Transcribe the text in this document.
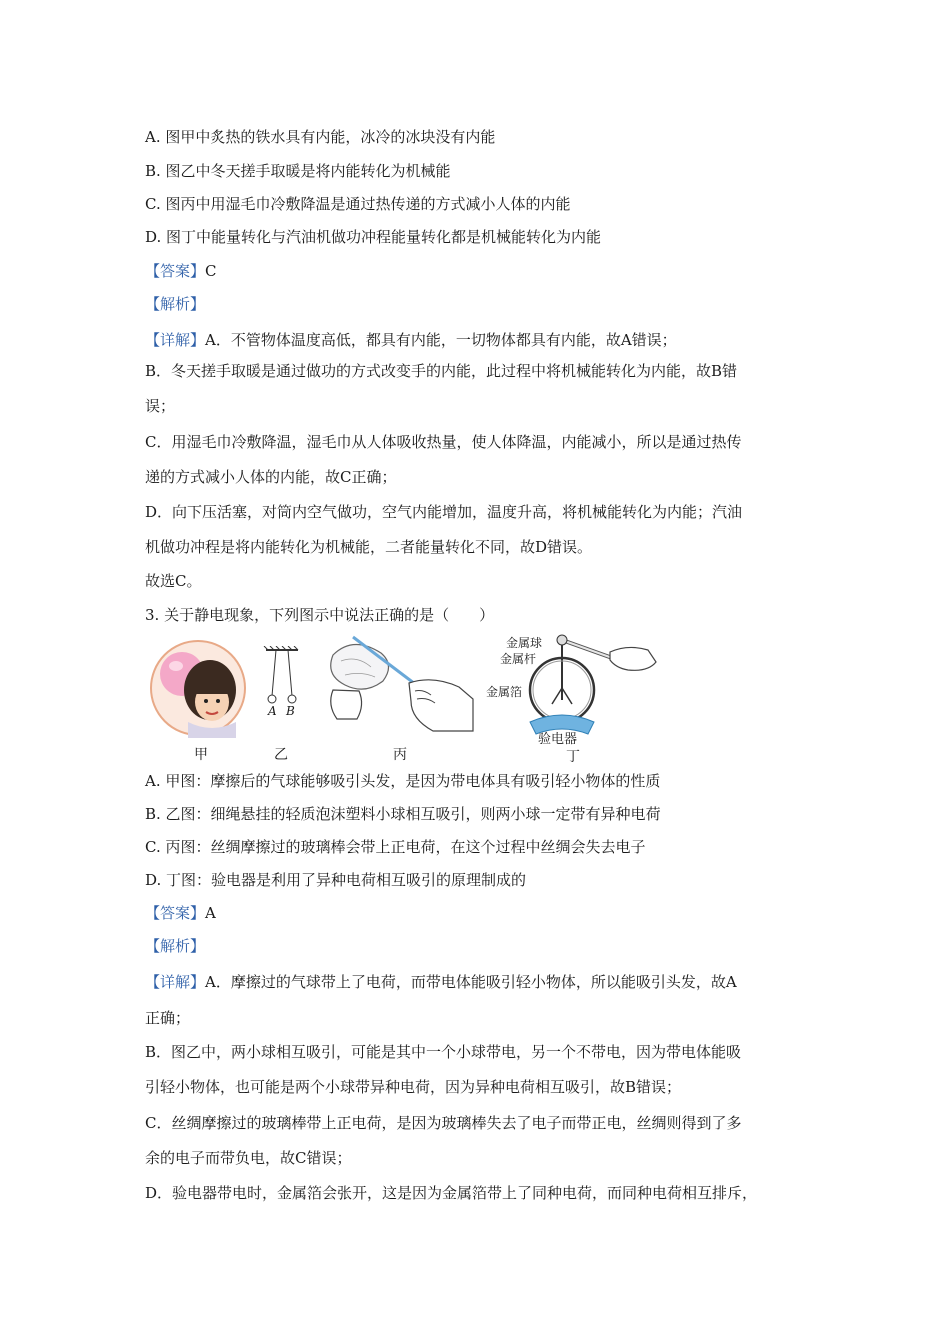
A. 图甲中炙热的铁水具有内能，冰冷的冰块没有内能
B. 图乙中冬天搓手取暖是将内能转化为机械能
C. 图丙中用湿毛巾冷敷降温是通过热传递的方式减小人体的内能
D. 图丁中能量转化与汽油机做功冲程能量转化都是机械能转化为内能
【答案】C
【解析】
【详解】A．不管物体温度高低，都具有内能，一切物体都具有内能，故A错误；
B．冬天搓手取暖是通过做功的方式改变手的内能，此过程中将机械能转化为内能，故B错
误；
C．用湿毛巾冷敷降温，湿毛巾从人体吸收热量，使人体降温，内能减小，所以是通过热传
递的方式减小人体的内能，故C正确；
D．向下压活塞，对筒内空气做功，空气内能增加，温度升高，将机械能转化为内能；汽油
机做功冲程是将内能转化为机械能，二者能量转化不同，故D错误。
故选C。
3. 关于静电现象，下列图示中说法正确的是（　　）
A B
金属球
金属杆
金属箔
验电器
甲	乙	丙	丁
A. 甲图：摩擦后的气球能够吸引头发，是因为带电体具有吸引轻小物体的性质
B. 乙图：细绳悬挂的轻质泡沫塑料小球相互吸引，则两小球一定带有异种电荷
C. 丙图：丝绸摩擦过的玻璃棒会带上正电荷，在这个过程中丝绸会失去电子
D. 丁图：验电器是利用了异种电荷相互吸引的原理制成的
【答案】A
【解析】
【详解】A．摩擦过的气球带上了电荷，而带电体能吸引轻小物体，所以能吸引头发，故A
正确；
B．图乙中，两小球相互吸引，可能是其中一个小球带电，另一个不带电，因为带电体能吸
引轻小物体，也可能是两个小球带异种电荷，因为异种电荷相互吸引，故B错误；
C．丝绸摩擦过的玻璃棒带上正电荷，是因为玻璃棒失去了电子而带正电，丝绸则得到了多
余的电子而带负电，故C错误；
D．验电器带电时，金属箔会张开，这是因为金属箔带上了同种电荷，而同种电荷相互排斥，
